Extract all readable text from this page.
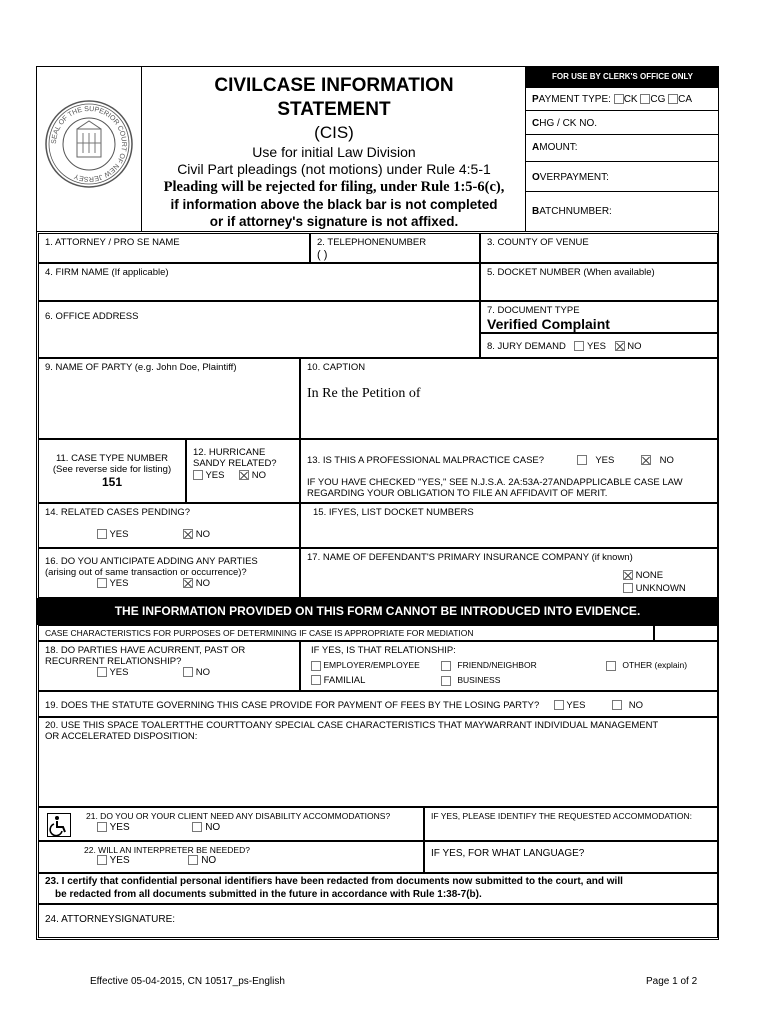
SEAL OF THE SUPERIOR COURT OF NEW JERSEY
CIVILCASE INFORMATION
STATEMENT
(CIS)
Use for initial Law Division
Civil Part pleadings (not motions) under Rule 4:5-1
Pleading will be rejected for filing, under Rule 1:5-6(c),
if information above the black bar is not completed
or if attorney's signature is not affixed.
FOR USE BY CLERK'S OFFICE ONLY
PAYMENT TYPE: CK CG CA
CHG / CK NO.
AMOUNT:
OVERPAYMENT:
BATCHNUMBER:
1. ATTORNEY / PRO SE NAME	2. TELEPHONENUMBER
( )
3. COUNTY OF VENUE
4. FIRM NAME (If applicable)	5. DOCKET NUMBER (When available)
6. OFFICE ADDRESS
7. DOCUMENT TYPE
Verified Complaint
8. JURY DEMAND YES NO
9. NAME OF PARTY (e.g. John Doe, Plaintiff)	10. CAPTION
In Re the Petition of
11. CASE TYPE NUMBER
(See reverse side for listing)
151
12. HURRICANE
SANDY RELATED?
YES	NO
13. IS THIS A PROFESSIONAL MALPRACTICE CASE?	YES	NO
IF YOU HAVE CHECKED "YES," SEE N.J.S.A. 2A:53A-27ANDAPPLICABLE CASE LAW
REGARDING YOUR OBLIGATION TO FILE AN AFFIDAVIT OF MERIT.
14. RELATED CASES PENDING?
YES	NO
15. IFYES, LIST DOCKET NUMBERS
16. DO YOU ANTICIPATE ADDING ANY PARTIES
(arising out of same transaction or occurrence)?
YES	NO
17. NAME OF DEFENDANT'S PRIMARY INSURANCE COMPANY (if known)
NONE
UNKNOWN
THE INFORMATION PROVIDED ON THIS FORM CANNOT BE INTRODUCED INTO EVIDENCE.
CASE CHARACTERISTICS FOR PURPOSES OF DETERMINING IF CASE IS APPROPRIATE FOR MEDIATION
18. DO PARTIES HAVE ACURRENT, PAST OR
RECURRENT RELATIONSHIP?
YES	NO
IF YES, IS THAT RELATIONSHIP:
EMPLOYER/EMPLOYEE	FRIEND/NEIGHBOR	OTHER (explain)
FAMILIAL	BUSINESS
19. DOES THE STATUTE GOVERNING THIS CASE PROVIDE FOR PAYMENT OF FEES BY THE LOSING PARTY?	YES	NO
20. USE THIS SPACE TOALERTTHE COURTTOANY SPECIAL CASE CHARACTERISTICS THAT MAYWARRANT INDIVIDUAL MANAGEMENT
OR ACCELERATED DISPOSITION:
21. DO YOU OR YOUR CLIENT NEED ANY DISABILITY ACCOMMODATIONS?
YES	NO
IF YES, PLEASE IDENTIFY THE REQUESTED ACCOMMODATION:
22. WILL AN INTERPRETER BE NEEDED?
YES	NO
IF YES, FOR WHAT LANGUAGE?
23. I certify that confidential personal identifiers have been redacted from documents now submitted to the court, and will
be redacted from all documents submitted in the future in accordance with Rule 1:38-7(b).
24. ATTORNEYSIGNATURE:
Effective 05-04-2015, CN 10517_ps-English	Page 1 of 2
